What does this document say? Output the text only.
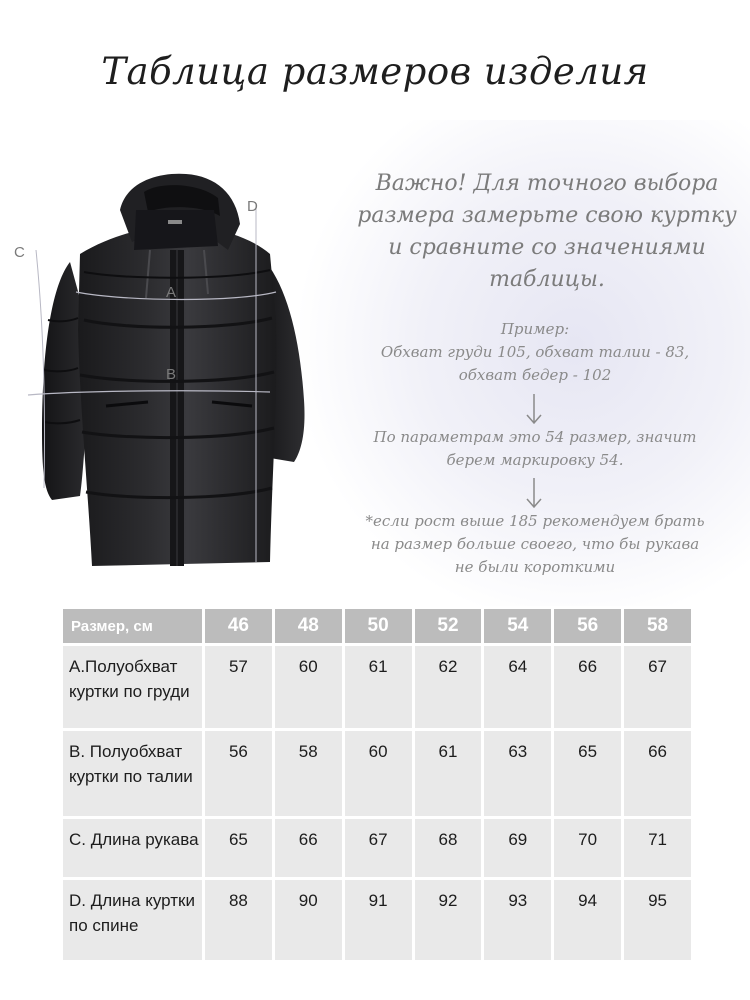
Таблица размеров изделия
A
B
C
D
Важно! Для точного выбора размера замерьте свою куртку и сравните со значениями таблицы.

Пример:

Обхват груди 105, обхват талии - 83,

обхват бедер - 102

По параметрам это 54 размер, значит

берем маркировку 54.

*если рост выше 185 рекомендуем брать

на размер больше своего, что бы рукава

не были короткими

Размер, см	46	48	50	52	54	56	58
А.Полуобхват куртки по груди	57	60	61	62	64	66	67
В. Полуобхват куртки по талии	56	58	60	61	63	65	66
С. Длина рукава	65	66	67	68	69	70	71
D. Длина куртки по спине	88	90	91	92	93	94	95
